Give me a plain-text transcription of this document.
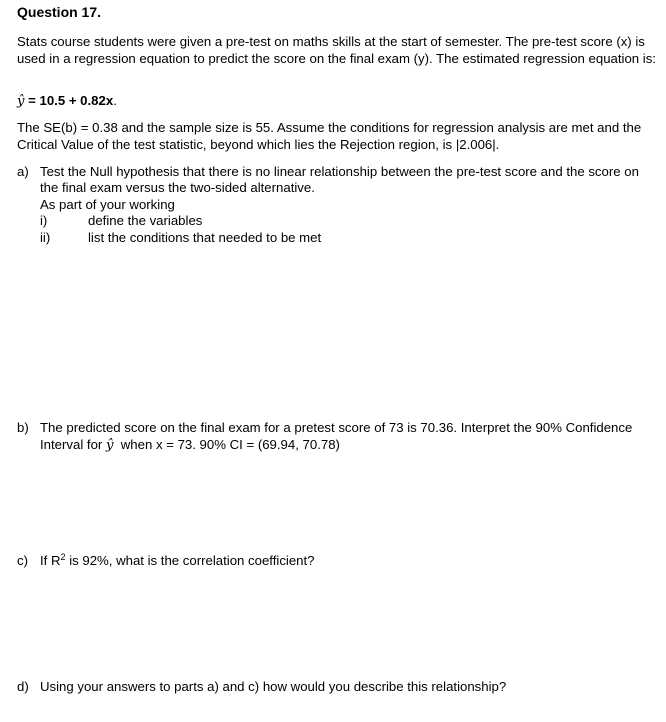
Question 17.
Stats course students were given a pre-test on maths skills at the start of semester. The pre-test score (x) is used in a regression equation to predict the score on the final exam (y). The estimated regression equation is:
ŷ = 10.5 + 0.82x.
The SE(b) = 0.38 and the sample size is 55. Assume the conditions for regression analysis are met and the Critical Value of the test statistic, beyond which lies the Rejection region, is |2.006|.
a) Test the Null hypothesis that there is no linear relationship between the pre-test score and the score on
the final exam versus the two-sided alternative.
As part of your working
i)	define the variables
ii)	list the conditions that needed to be met
b) The predicted score on the final exam for a pretest score of 73 is 70.36. Interpret the 90% Confidence
Interval for ŷ  when x = 73. 90% CI = (69.94, 70.78)
c) If $R^2$ is 92%, what is the correlation coefficient?
d) Using your answers to parts a) and c) how would you describe this relationship?
